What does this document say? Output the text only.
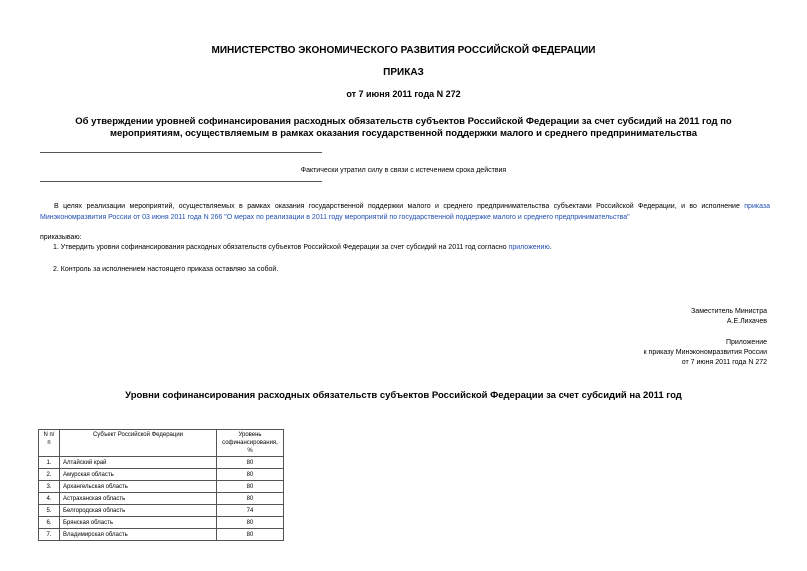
МИНИСТЕРСТВО ЭКОНОМИЧЕСКОГО РАЗВИТИЯ РОССИЙСКОЙ ФЕДЕРАЦИИ
ПРИКАЗ
от 7 июня 2011 года N 272
Об утверждении уровней софинансирования расходных обязательств субъектов Российской Федерации за счет субсидий на 2011 год по мероприятиям, осуществляемым в рамках оказания государственной поддержки малого и среднего предпринимательства
Фактически утратил силу в связи с истечением срока действия
В целях реализации мероприятий, осуществляемых в рамках оказания государственной поддержки малого и среднего предпринимательства субъектами Российской Федерации, и во исполнение приказа Минэкономразвития России от 03 июня 2011 года N 266 "О мерах по реализации в 2011 году мероприятий по государственной поддержке малого и среднего предпринимательства"
приказываю:
1. Утвердить уровни софинансирования расходных обязательств субъектов Российской Федерации за счет субсидий на 2011 год согласно приложению.
2. Контроль за исполнением настоящего приказа оставляю за собой.
Заместитель Министра
А.Е.Лихачев
Приложение
к приказу Минэкономразвития России
от 7 июня 2011 года N 272
Уровни софинансирования расходных обязательств субъектов Российской Федерации за счет субсидий на 2011 год
N п/п	Субъект Российской Федерации	Уровень софинансирования, %
1.	Алтайский край	80
2.	Амурская область	80
3.	Архангельская область	80
4.	Астраханская область	80
5.	Белгородская область	74
6.	Брянская область	80
7.	Владимирская область	80
